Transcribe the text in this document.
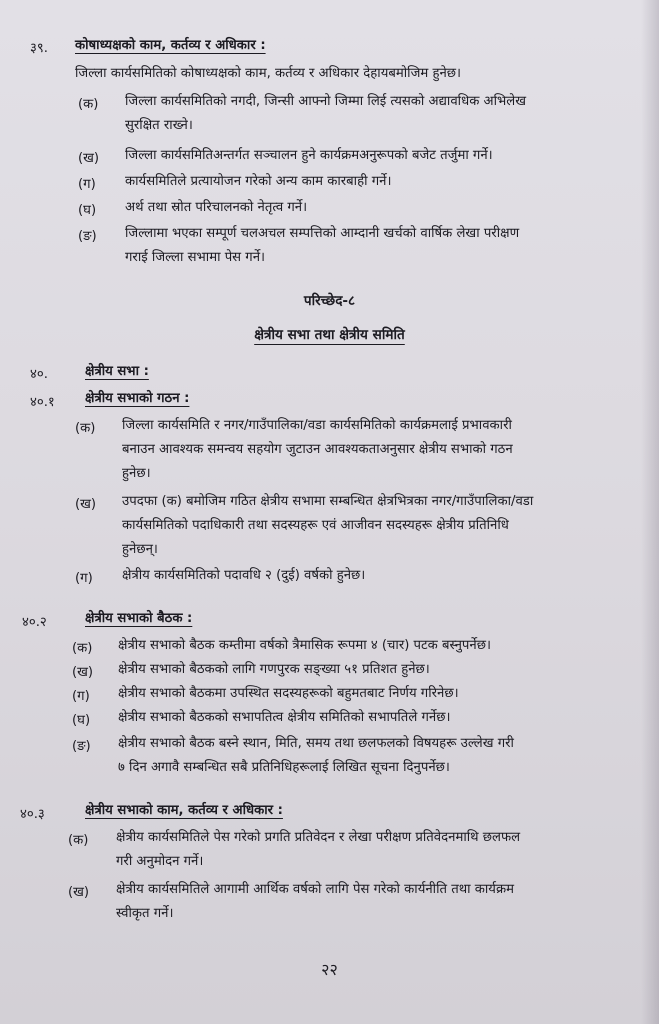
३९. कोषाध्यक्षको काम, कर्तव्य र अधिकार :
जिल्ला कार्यसमितिको कोषाध्यक्षको काम, कर्तव्य र अधिकार देहायबमोजिम हुनेछ।
(क) जिल्ला कार्यसमितिको नगदी, जिन्सी आफ्नो जिम्मा लिई त्यसको अद्यावधिक अभिलेख
सुरक्षित राख्ने।
(ख) जिल्ला कार्यसमितिअन्तर्गत सञ्चालन हुने कार्यक्रमअनुरूपको बजेट तर्जुमा गर्ने।
(ग) कार्यसमितिले प्रत्यायोजन गरेको अन्य काम कारबाही गर्ने।
(घ) अर्थ तथा स्रोत परिचालनको नेतृत्व गर्ने।
(ङ) जिल्लामा भएका सम्पूर्ण चलअचल सम्पत्तिको आम्दानी खर्चको वार्षिक लेखा परीक्षण
गराई जिल्ला सभामा पेस गर्ने।
परिच्छेद-८
क्षेत्रीय सभा तथा क्षेत्रीय समिति
४०.	क्षेत्रीय सभा :
४०.१ क्षेत्रीय सभाको गठन :
(क) जिल्ला कार्यसमिति र नगर/गाउँपालिका/वडा कार्यसमितिको कार्यक्रमलाई प्रभावकारी
बनाउन आवश्यक समन्वय सहयोग जुटाउन आवश्यकताअनुसार क्षेत्रीय सभाको गठन
हुनेछ।
(ख) उपदफा (क) बमोजिम गठित क्षेत्रीय सभामा सम्बन्धित क्षेत्रभित्रका नगर/गाउँपालिका/वडा
कार्यसमितिको पदाधिकारी तथा सदस्यहरू एवं आजीवन सदस्यहरू क्षेत्रीय प्रतिनिधि
हुनेछन्।
(ग) क्षेत्रीय कार्यसमितिको पदावधि २ (दुई) वर्षको हुनेछ।
४०.२	क्षेत्रीय सभाको बैठक :
(क) क्षेत्रीय सभाको बैठक कम्तीमा वर्षको त्रैमासिक रूपमा ४ (चार) पटक बस्नुपर्नेछ।
(ख) क्षेत्रीय सभाको बैठकको लागि गणपुरक सङ्ख्या ५१ प्रतिशत हुनेछ।
(ग) क्षेत्रीय सभाको बैठकमा उपस्थित सदस्यहरूको बहुमतबाट निर्णय गरिनेछ।
(घ) क्षेत्रीय सभाको बैठकको सभापतित्व क्षेत्रीय समितिको सभापतिले गर्नेछ।
(ङ) क्षेत्रीय सभाको बैठक बस्ने स्थान, मिति, समय तथा छलफलको विषयहरू उल्लेख गरी
७ दिन अगावै सम्बन्धित सबै प्रतिनिधिहरूलाई लिखित सूचना दिनुपर्नेछ।
४०.३	क्षेत्रीय सभाको काम, कर्तव्य र अधिकार :
(क) क्षेत्रीय कार्यसमितिले पेस गरेको प्रगति प्रतिवेदन र लेखा परीक्षण प्रतिवेदनमाथि छलफल
गरी अनुमोदन गर्ने।
(ख) क्षेत्रीय कार्यसमितिले आगामी आर्थिक वर्षको लागि पेस गरेको कार्यनीति तथा कार्यक्रम
स्वीकृत गर्ने।
२२
